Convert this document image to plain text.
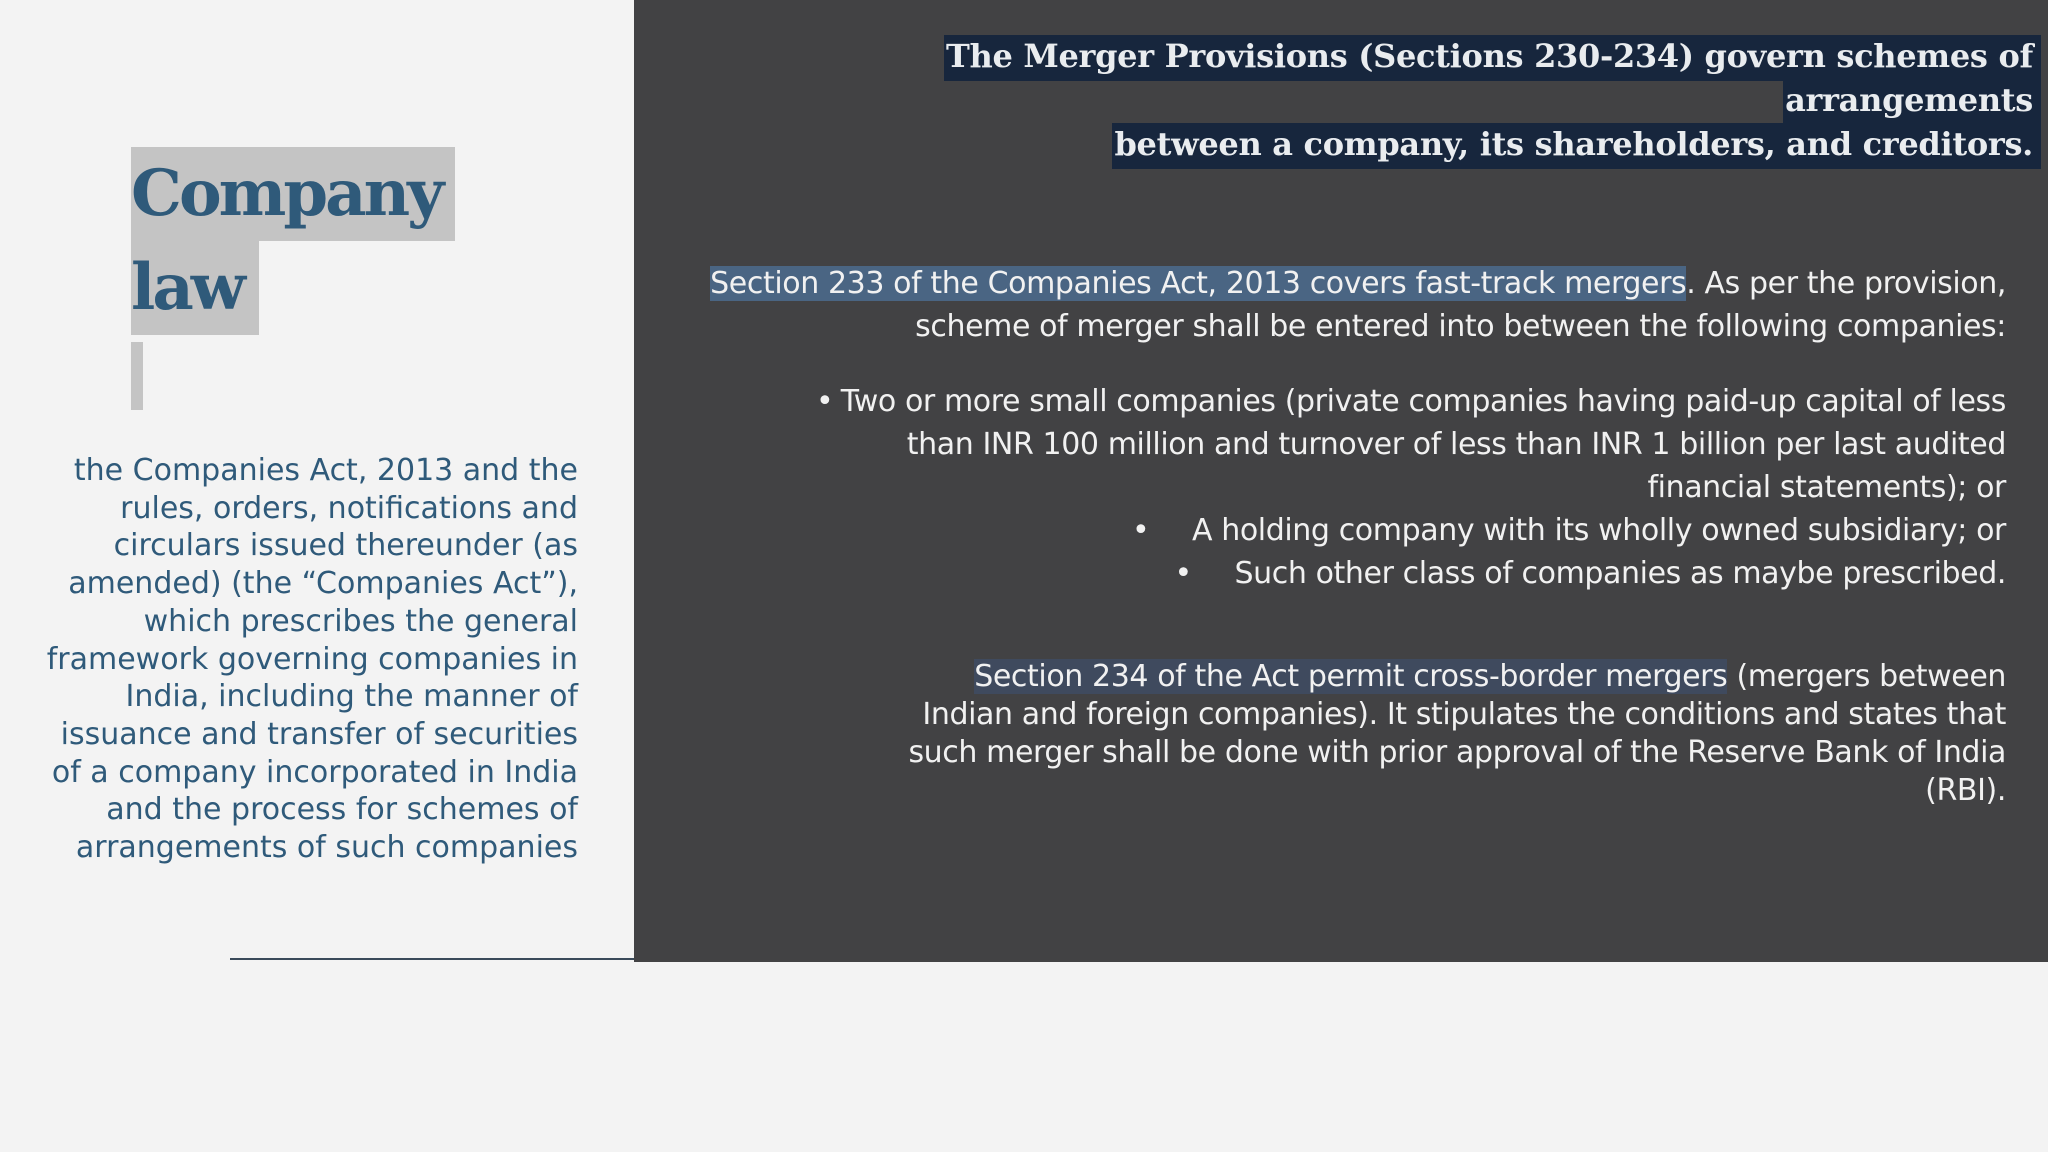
Company
law

the Companies Act, 2013 and the rules, orders, notifications and circulars issued thereunder (as amended) (the “Companies Act”), which prescribes the general framework governing companies in India, including the manner of issuance and transfer of securities of a company incorporated in India and the process for schemes of arrangements of such companies

The Merger Provisions (Sections 230-234) govern schemes of arrangements
between a company, its shareholders, and creditors.

Section 233 of the Companies Act, 2013 covers fast-track mergers. As per the provision, scheme of merger shall be entered into between the following companies:

• Two or more small companies (private companies having paid-up capital of less than INR 100 million and turnover of less than INR 1 billion per last audited financial statements); or
• A holding company with its wholly owned subsidiary; or
• Such other class of companies as maybe prescribed.

Section 234 of the Act permit cross-border mergers (mergers between Indian and foreign companies). It stipulates the conditions and states that such merger shall be done with prior approval of the Reserve Bank of India (RBI).
